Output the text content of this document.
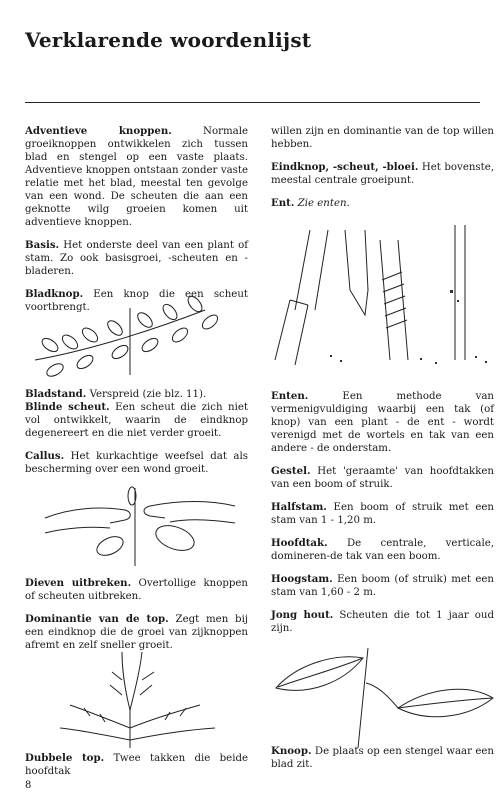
Verklarende woordenlijst

Adventieve knoppen. Normale groeiknoppen ontwikkelen zich tussen blad en stengel op een vaste plaats. Adventieve knoppen ontstaan zonder vaste relatie met het blad, meestal ten gevolge van een wond. De scheuten die aan een geknotte wilg groeien komen uit adventieve knoppen.

Basis. Het onderste deel van een plant of stam. Zo ook basisgroei, -scheuten en -bladeren.

Bladknop. Een knop die een scheut voortbrengt.

Bladstand. Verspreid (zie blz. 11).

Blinde scheut. Een scheut die zich niet vol ontwikkelt, waarin de eindknop degenereert en die niet verder groeit.

Callus. Het kurkachtige weefsel dat als bescherming over een wond groeit.

Dieven uitbreken. Overtollige knoppen of scheuten uitbreken.

Dominantie van de top. Zegt men bij een eindknop die de groei van zijknoppen afremt en zelf sneller groeit.

Dubbele top. Twee takken die beide hoofdtak

willen zijn en dominantie van de top willen hebben.

Eindknop, -scheut, -bloei. Het bovenste, meestal centrale groeipunt.

Ent. Zie enten.

Enten. Een methode van vermenigvuldiging waarbij een tak (of knop) van een plant - de ent - wordt verenigd met de wortels en tak van een andere - de onderstam.

Gestel. Het 'geraamte' van hoofdtakken van een boom of struik.

Halfstam. Een boom of struik met een stam van 1 - 1,20 m.

Hoofdtak. De centrale, verticale, domineren-de tak van een boom.

Hoogstam. Een boom (of struik) met een stam van 1,60 - 2 m.

Jong hout. Scheuten die tot 1 jaar oud zijn.

Knoop. De plaats op een stengel waar een blad zit.

8
